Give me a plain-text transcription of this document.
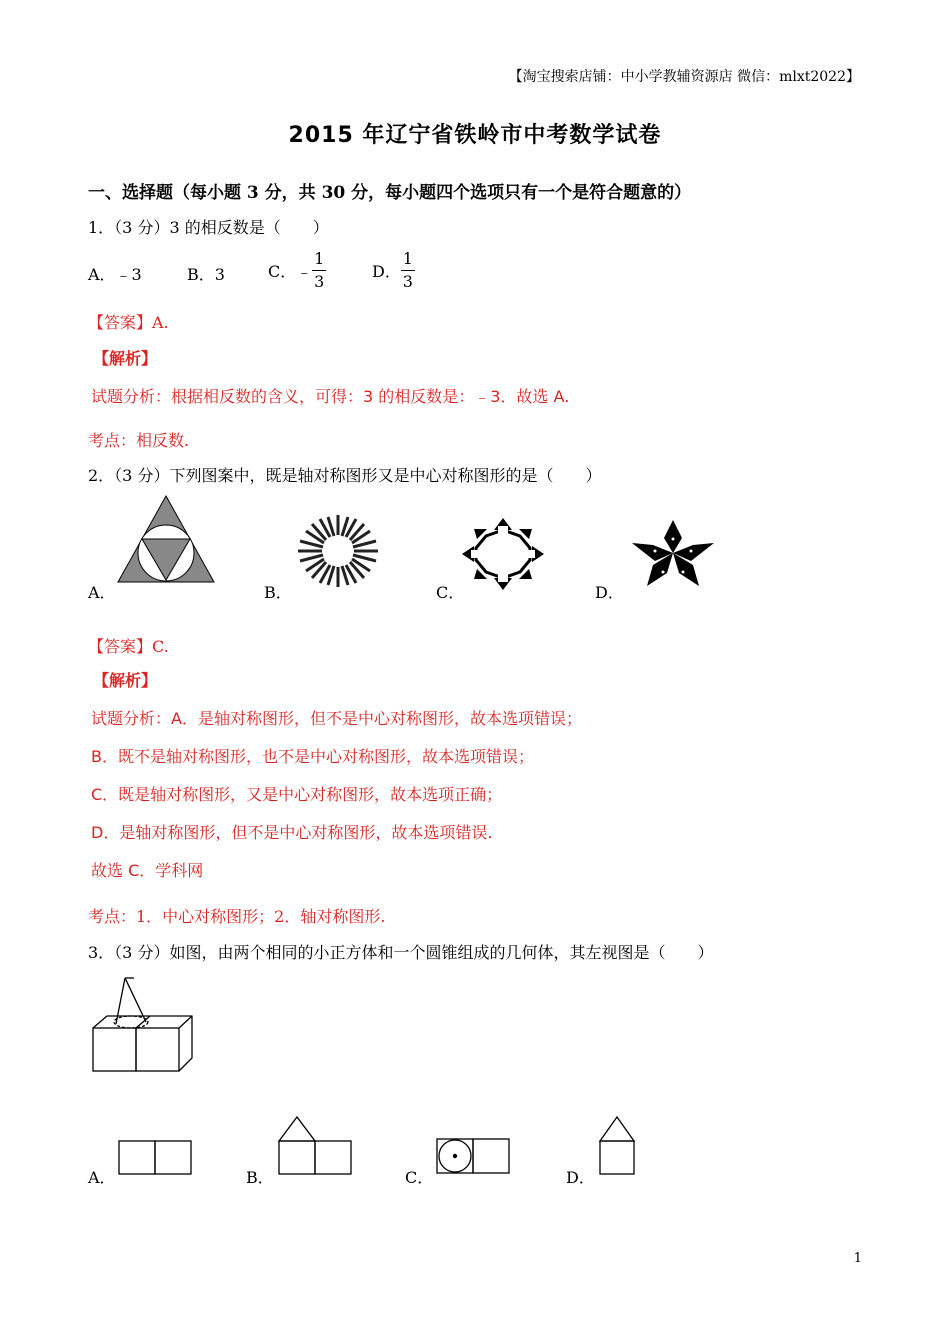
【淘宝搜索店铺：中小学教辅资源店 微信：mlxt2022】
2015 年辽宁省铁岭市中考数学试卷
一、选择题（每小题 3 分，共 30 分，每小题四个选项只有一个是符合题意的）
1．（3 分）3 的相反数是（　　）
A．﹣3	B．3	C．﹣ $\frac{1}{3}$	D． $\frac{1}{3}$
【答案】A.
【解析】
试题分析：根据相反数的含义，可得：3 的相反数是：﹣3．故选 A.
考点：相反数.
2．（3 分）下列图案中，既是轴对称图形又是中心对称图形的是（　　）
A．	B．	C．	D．
【答案】C.
【解析】
试题分析：A．是轴对称图形，但不是中心对称图形，故本选项错误；
B．既不是轴对称图形，也不是中心对称图形，故本选项错误；
C．既是轴对称图形，又是中心对称图形，故本选项正确；
D．是轴对称图形，但不是中心对称图形，故本选项错误.
故选 C．学科网
考点：1．中心对称图形；2．轴对称图形.
3．（3 分）如图，由两个相同的小正方体和一个圆锥组成的几何体，其左视图是（　　）
A．	B．	C．	D．
1
